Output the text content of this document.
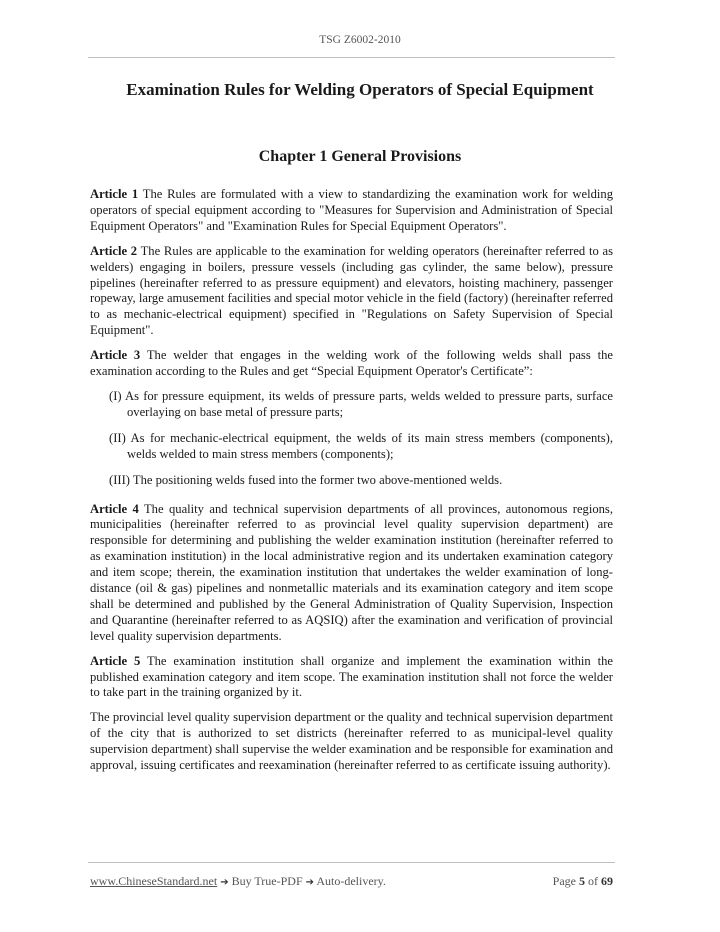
TSG Z6002-2010
Examination Rules for Welding Operators of Special Equipment
Chapter 1 General Provisions

Article 1 The Rules are formulated with a view to standardizing the examination work for welding operators of special equipment according to "Measures for Supervision and Administration of Special Equipment Operators" and "Examination Rules for Special Equipment Operators".

Article 2 The Rules are applicable to the examination for welding operators (hereinafter referred to as welders) engaging in boilers, pressure vessels (including gas cylinder, the same below), pressure pipelines (hereinafter referred to as pressure equipment) and elevators, hoisting machinery, passenger ropeway, large amusement facilities and special motor vehicle in the field (factory) (hereinafter referred to as mechanic-electrical equipment) specified in "Regulations on Safety Supervision of Special Equipment".

Article 3 The welder that engages in the welding work of the following welds shall pass the examination according to the Rules and get “Special Equipment Operator's Certificate”:

(I) As for pressure equipment, its welds of pressure parts, welds welded to pressure parts, surface overlaying on base metal of pressure parts;

(II) As for mechanic-electrical equipment, the welds of its main stress members (components), welds welded to main stress members (components);

(III) The positioning welds fused into the former two above-mentioned welds.

Article 4 The quality and technical supervision departments of all provinces, autonomous regions, municipalities (hereinafter referred to as provincial level quality supervision department) are responsible for determining and publishing the welder examination institution (hereinafter referred to as examination institution) in the local administrative region and its undertaken examination category and item scope; therein, the examination institution that undertakes the welder examination of long-distance (oil & gas) pipelines and nonmetallic materials and its examination category and item scope shall be determined and published by the General Administration of Quality Supervision, Inspection and Quarantine (hereinafter referred to as AQSIQ) after the examination and verification of provincial level quality supervision departments.

Article 5 The examination institution shall organize and implement the examination within the published examination category and item scope. The examination institution shall not force the welder to take part in the training organized by it.

The provincial level quality supervision department or the quality and technical supervision department of the city that is authorized to set districts (hereinafter referred to as municipal-level quality supervision department) shall supervise the welder examination and be responsible for examination and approval, issuing certificates and reexamination (hereinafter referred to as certificate issuing authority).

www.ChineseStandard.net ➔ Buy True-PDF ➔ Auto-delivery.	Page 5 of 69
